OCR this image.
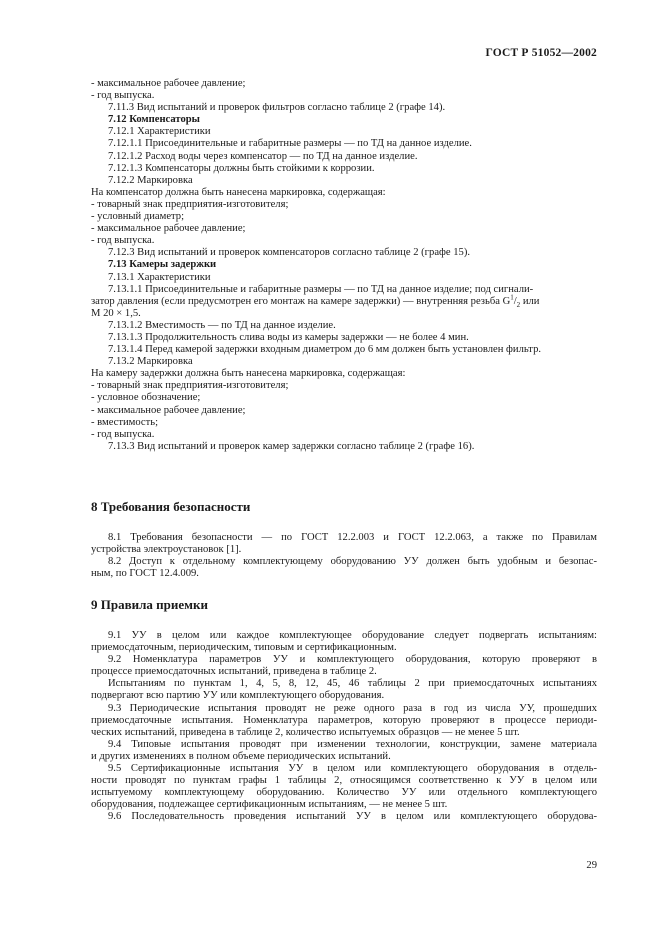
ГОСТ Р 51052—2002
- максимальное рабочее давление;
- год выпуска.
7.11.3 Вид испытаний и проверок фильтров согласно таблице 2 (графе 14).
7.12 Компенсаторы
7.12.1 Характеристики
7.12.1.1 Присоединительные и габаритные размеры — по ТД на данное изделие.
7.12.1.2 Расход воды через компенсатор — по ТД на данное изделие.
7.12.1.3 Компенсаторы должны быть стойкими к коррозии.
7.12.2 Маркировка
На компенсатор должна быть нанесена маркировка, содержащая:
- товарный знак предприятия-изготовителя;
- условный диаметр;
- максимальное рабочее давление;
- год выпуска.
7.12.3 Вид испытаний и проверок компенсаторов согласно таблице 2 (графе 15).
7.13 Камеры задержки
7.13.1 Характеристики
7.13.1.1 Присоединительные и габаритные размеры — по ТД на данное изделие; под сигнали-
затор давления (если предусмотрен его монтаж на камере задержки) — внутренняя резьба $G^1/_2$ или
M 20 × 1,5.
7.13.1.2 Вместимость — по ТД на данное изделие.
7.13.1.3 Продолжительность слива воды из камеры задержки — не более 4 мин.
7.13.1.4 Перед камерой задержки входным диаметром до 6 мм должен быть установлен фильтр.
7.13.2 Маркировка
На камеру задержки должна быть нанесена маркировка, содержащая:
- товарный знак предприятия-изготовителя;
- условное обозначение;
- максимальное рабочее давление;
- вместимость;
- год выпуска.
7.13.3 Вид испытаний и проверок камер задержки согласно таблице 2 (графе 16).
8 Требования безопасности
8.1 Требования безопасности — по ГОСТ 12.2.003 и ГОСТ 12.2.063, а также по Правилам
устройства электроустановок [1].
8.2 Доступ к отдельному комплектующему оборудованию УУ должен быть удобным и безопас-
ным, по ГОСТ 12.4.009.
9 Правила приемки
9.1 УУ в целом или каждое комплектующее оборудование следует подвергать испытаниям:
приемосдаточным, периодическим, типовым и сертификационным.
9.2 Номенклатура параметров УУ и комплектующего оборудования, которую проверяют в
процессе приемосдаточных испытаний, приведена в таблице 2.
Испытаниям по пунктам 1, 4, 5, 8, 12, 45, 46 таблицы 2 при приемосдаточных испытаниях
подвергают всю партию УУ или комплектующего оборудования.
9.3 Периодические испытания проводят не реже одного раза в год из числа УУ, прошедших
приемосдаточные испытания. Номенклатура параметров, которую проверяют в процессе периоди-
ческих испытаний, приведена в таблице 2, количество испытуемых образцов — не менее 5 шт.
9.4 Типовые испытания проводят при изменении технологии, конструкции, замене материала
и других изменениях в полном объеме периодических испытаний.
9.5 Сертификационные испытания УУ в целом или комплектующего оборудования в отдель-
ности проводят по пунктам графы 1 таблицы 2, относящимся соответственно к УУ в целом или
испытуемому комплектующему оборудованию. Количество УУ или отдельного комплектующего
оборудования, подлежащее сертификационным испытаниям, — не менее 5 шт.
9.6 Последовательность проведения испытаний УУ в целом или комплектующего оборудова-
29
